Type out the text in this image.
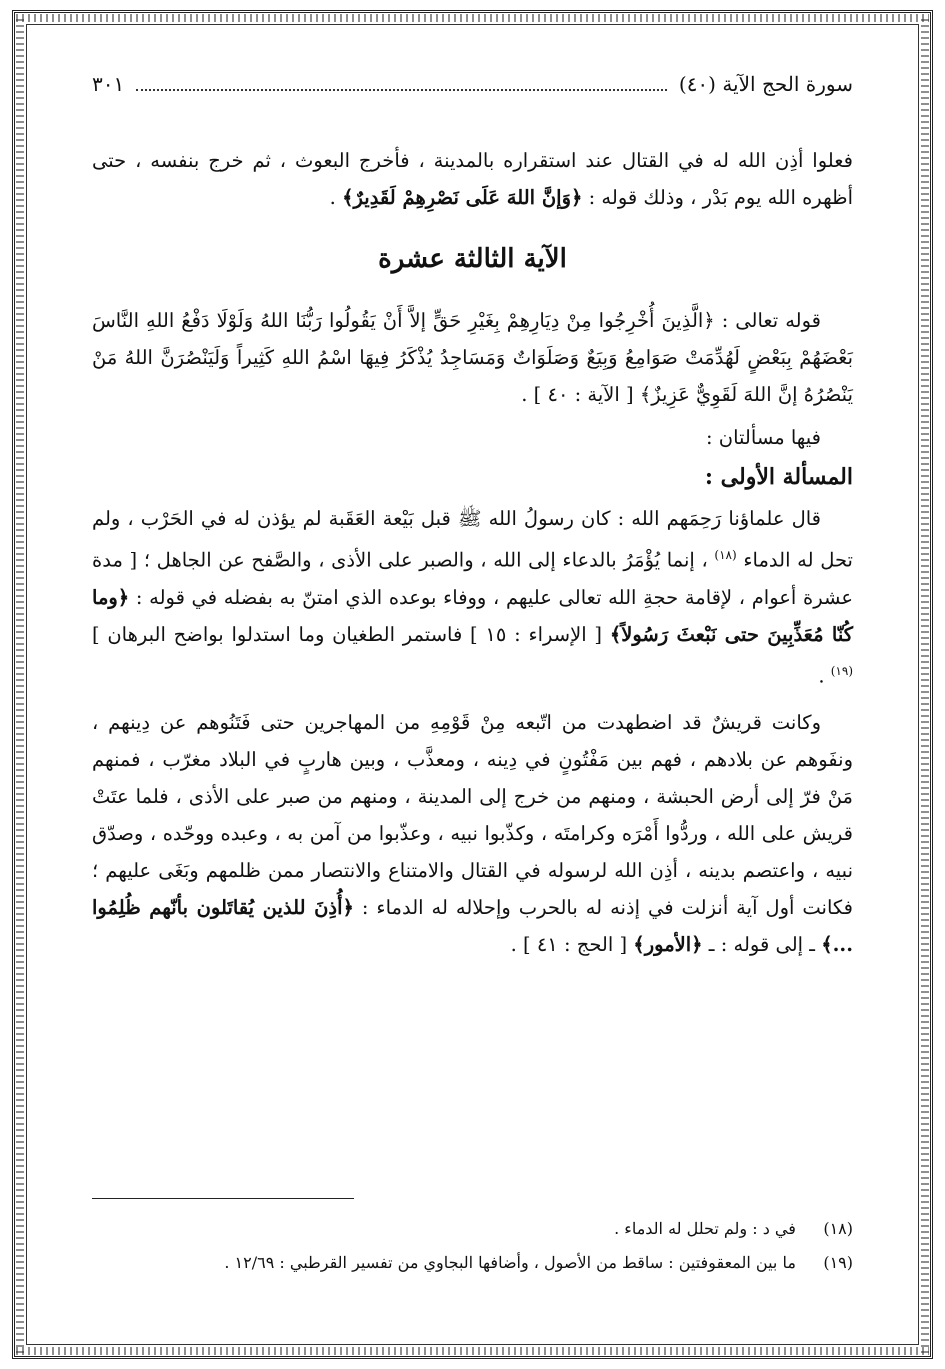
سورة الحج الآية (٤٠)
٣٠١

فعلوا أذِن الله له في القتال عند استقراره بالمدينة ، فأخرج البعوث ، ثم خرج بنفسه ، حتى أظهره الله يوم بَدْر ، وذلك قوله : ﴿وَإنَّ اللهَ عَلَى نَصْرِهِمْ لَقَدِيرٌ﴾ .

الآية الثالثة عشرة

قوله تعالى : ﴿الَّذِينَ أُخْرِجُوا مِنْ دِيَارِهِمْ بِغَيْرِ حَقٍّ إلاَّ أَنْ يَقُولُوا رَبُّنَا اللهُ وَلَوْلَا دَفْعُ اللهِ النَّاسَ بَعْضَهُمْ بِبَعْضٍ لَهُدِّمَتْ صَوَامِعُ وَبِيَعٌ وَصَلَوَاتٌ وَمَسَاجِدُ يُذْكَرُ فِيهَا اسْمُ اللهِ كَثِيراً وَلَيَنْصُرَنَّ اللهُ مَنْ يَنْصُرُهُ إنَّ اللهَ لَقَوِيٌّ عَزِيزٌ﴾ [ الآية : ٤٠ ] .

فيها مسألتان :

المسألة الأولى :

قال علماؤنا رَحِمَهم الله : كان رسولُ الله ﷺ قبل بَيْعة العَقَبة لم يؤذن له في الحَرْب ، ولم تحل له الدماء $^{(١٨)}$ ، إنما يُؤْمَرُ بالدعاء إلى الله ، والصبر على الأذى ، والصَّفح عن الجاهل ؛ [ مدة عشرة أعوام ، لإقامة حجةِ الله تعالى عليهم ، ووفاء بوعده الذي امتنّ به بفضله في قوله : ﴿وما كُنّا مُعَذِّبِينَ حتى نَبْعثَ رَسُولاً﴾ [ الإسراء : ١٥ ] فاستمر الطغيان وما استدلوا بواضح البرهان ] $^{(١٩)}$ .

وكانت قريشٌ قد اضطهدت من اتّبعه مِنْ قَوْمِهِ من المهاجرين حتى فَتَنُوهم عن دِينهم ، ونفَوهم عن بلادهم ، فهم بين مَفْتُونٍ في دِينه ، ومعذَّب ، وبين هاربٍ في البلاد مغرّب ، فمنهم مَنْ فرّ إلى أرض الحبشة ، ومنهم من خرج إلى المدينة ، ومنهم من صبر على الأذى ، فلما عتَتْ قريش على الله ، وردُّوا أَمْرَه وكرامتَه ، وكذّبوا نبيه ، وعذّبوا من آمن به ، وعبده ووحّده ، وصدّق نبيه ، واعتصم بدينه ، أذِن الله لرسوله في القتال والامتناع والانتصار ممن ظلمهم وبَغَى عليهم ؛ فكانت أول آية أنزلت في إذنه له بالحرب وإحلاله له الدماء : ﴿أُذِنَ للذين يُقاتَلون بأنّهم ظُلِمُوا ...﴾ ـ إلى قوله : ـ ﴿الأمور﴾ [ الحج : ٤١ ] .

(١٨) في د : ولم تحلل له الدماء .
(١٩) ما بين المعقوفتين : ساقط من الأصول ، وأضافها البجاوي من تفسير القرطبي : ١٢/٦٩ .
